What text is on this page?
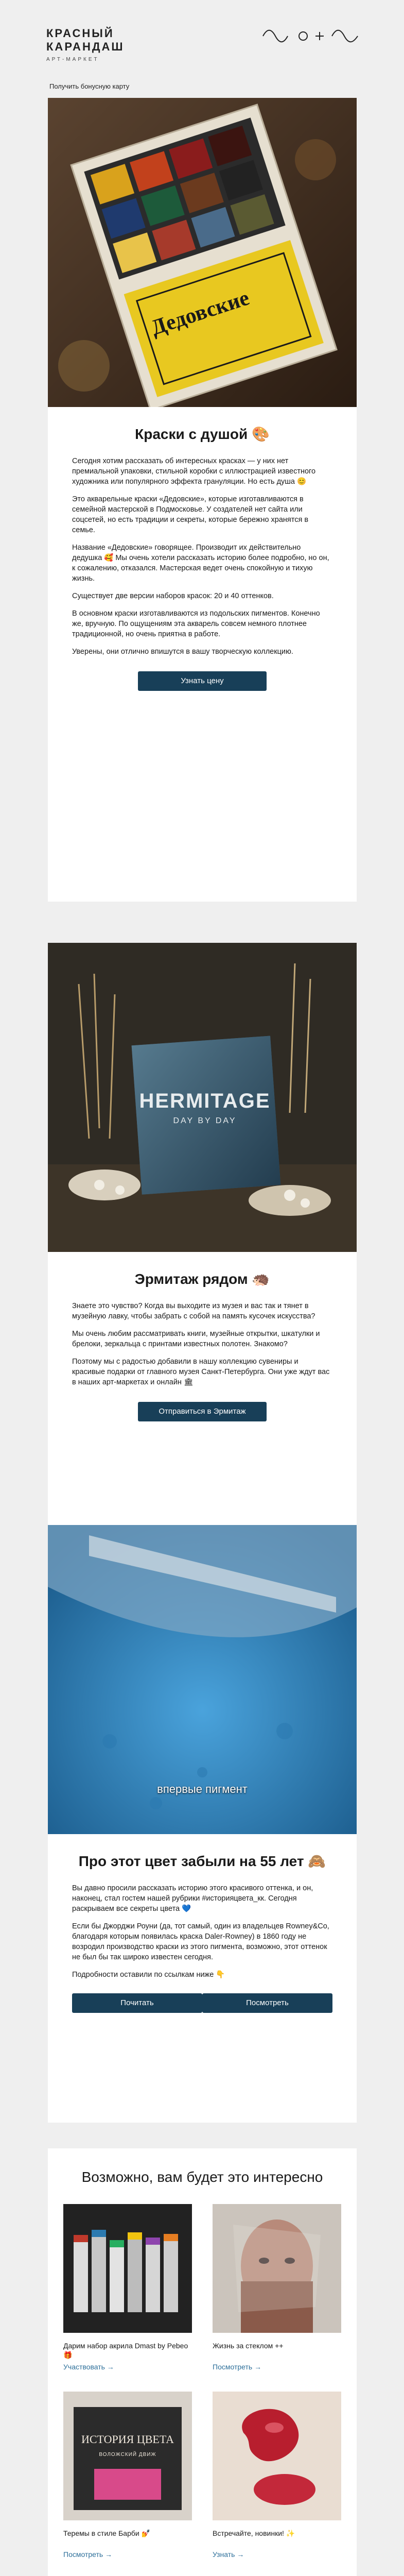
КРАСНЫЙ
КАРАНДАШ
АРТ-МАРКЕТ
Получить бонусную карту
Дедовские
Краски с душой 🎨

Сегодня хотим рассказать об интересных красках — у них нет премиальной упаковки, стильной коробки с иллюстрацией известного художника или популярного эффекта грануляции. Но есть душа 😊

Это акварельные краски «Дедовские», которые изготавливаются в семейной мастерской в Подмосковье. У создателей нет сайта или соцсетей, но есть традиции и секреты, которые бережно хранятся в семье.

Название «Дедовские» говорящее. Производит их действительно дедушка 🥰 Мы очень хотели рассказать историю более подробно, но он, к сожалению, отказался. Мастерская ведет очень спокойную и тихую жизнь.

Существует две версии наборов красок: 20 и 40 оттенков.

В основном краски изготавливаются из подольских пигментов. Конечно же, вручную. По ощущениям эта акварель совсем немного плотнее традиционной, но очень приятна в работе.

Уверены, они отлично впишутся в вашу творческую коллекцию.

Узнать цену
HERMITAGE
DAY BY DAY
Эрмитаж рядом 🦔

Знаете это чувство? Когда вы выходите из музея и вас так и тянет в музейную лавку, чтобы забрать с собой на память кусочек искусства?

Мы очень любим рассматривать книги, музейные открытки, шкатулки и брелоки, зеркальца с принтами известных полотен. Знакомо?

Поэтому мы с радостью добавили в нашу коллекцию сувениры и красивые подарки от главного музея Санкт-Петербурга. Они уже ждут вас в наших арт-маркетах и онлайн 🏛

Отправиться в Эрмитаж
впервые пигмент
Про этот цвет забыли на 55 лет 🙈

Вы давно просили рассказать историю этого красивого оттенка, и он, наконец, стал гостем нашей рубрики #историяцвета_кк. Сегодня раскрываем все секреты цвета 💙

Если бы Джорджи Роуни (да, тот самый, один из владельцев Rowney&Co, благодаря которым появилась краска Daler-Rowney) в 1860 году не возродил производство краски из этого пигмента, возможно, этот оттенок не был бы так широко известен сегодня.

Подробности оставили по ссылкам ниже 👇

Почитать	Посмотреть
Возможно, вам будет это интересно
Дарим набор акрила Dmast by Pebeo 🎁
Участвовать →
Жизнь за стеклом ++
Посмотреть →
ИСТОРИЯ ЦВЕТА
ВОЛОЖСКИЙ ДВИЖ
Теремы в стиле Барби 💅
Посмотреть →
Встречайте, новинки! ✨
Узнать →
